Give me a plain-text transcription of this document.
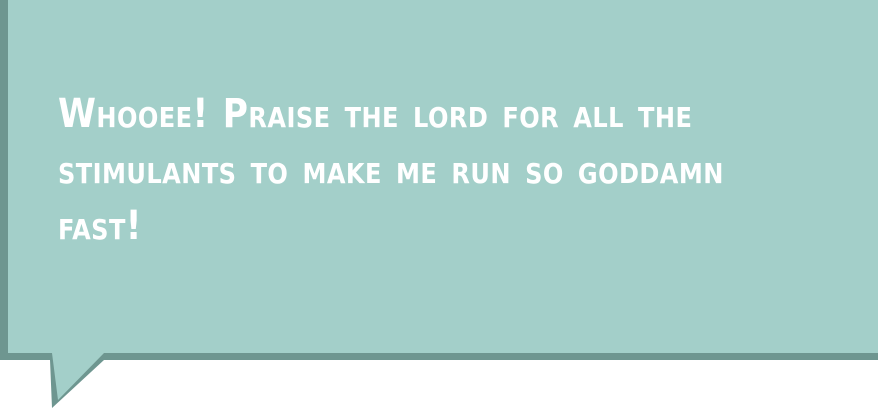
Whooee! Praise the lord for all the stimulants to make me run so goddamn fast!
